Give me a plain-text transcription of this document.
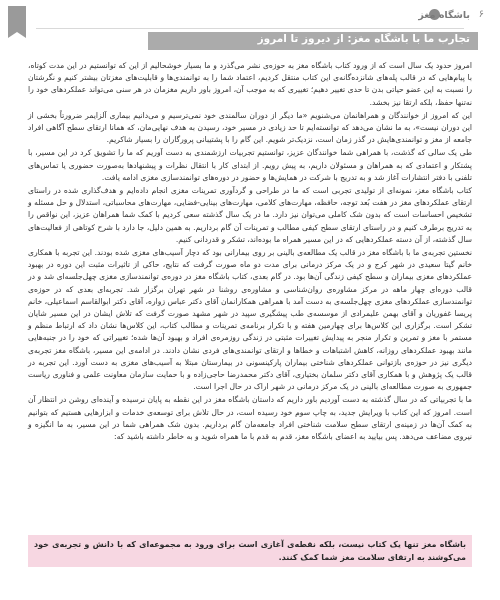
باشگاه مغز ۶
تجارب ما با باشگاه مغز: از دیروز تا امروز

امروز حدود یک سال است که از ورود کتاب باشگاه مغز به حوزه‌ی نشر می‌گذرد و ما بسیار خوشحالیم از این که توانستیم در این مدت کوتاه، با پیام‌هایی که در قالب پله‌های شانزده‌گانه‌ی این کتاب منتقل کردیم، اعتماد شما را به توانمندی‌ها و قابلیت‌های مغزتان بیشتر کنیم و نگرشتان را نسبت به این عضو حیاتی بدن تا حدی تغییر دهیم؛ تغییری که به موجب آن، امروز باور داریم مغزمان در هر سنی می‌تواند عملکردهای خود را نه‌تنها حفظ، بلکه ارتقا نیز بخشد.

این که امروز از خوانندگان و همراهانمان می‌شنویم «ما دیگر از دوران سالمندی خود نمی‌ترسیم و می‌دانیم بیماری آلزایمر ضرورتاً بخشی از این دوران نیست»، به ما نشان می‌دهد که توانسته‌ایم تا حد زیادی در مسیر خود، رسیدن به هدف نهایی‌مان، که همانا ارتقای سطح آگاهی افراد جامعه از مغز و توانمندی‌هایش در گذر زمان است، نزدیک‌تر شویم. این گام را با پشتیبانی پرورگاران را بسیار شاکریم.

طی یک سالی که گذشت، با همراهی شما خوانندگان عزیز، توانستیم تجربیات ارزشمندی به دست آوریم که ما را تشویق کرد در این مسیر، با پشتکار و اعتمادی که به همراهان و مسئولان داریم، به پیش رویم. از ابتدای کار با انتقال نظرات و پیشنهادها به‌صورت حضوری یا تماس‌های تلفنی با دفتر انتشارات آغاز شد و به تدریج با شرکت در همایش‌ها و حضور در دوره‌های توانمندسازی مغزی ادامه یافت.

کتاب باشگاه مغز، نمونه‌ای از تولیدی تجربی است که ما در طراحی و گردآوری تمرینات مغزی انجام داده‌ایم و هدف‌گذاری شده در راستای ارتقای عملکردهای مغز در هفت بُعد توجه، حافظه، مهارت‌های کلامی، مهارت‌های بینایی-فضایی، مهارت‌های محاسباتی، استدلال و حل مسئله و تشخیص احساسات است که بدون شک کاملی می‌توان نیز دارد. ما در یک سال گذشته سعی کردیم با کمک شما همراهان عزیز، این نواقص را به تدریج برطرف کنیم و در راستای ارتقای سطح کیفی مطالب و تمرینات آن گام برداریم. به همین دلیل، جا دارد با شرح کوتاهی از فعالیت‌های سال گذشته، از آن دسته عملکردهایی که در این مسیر همراه ما بوده‌اند، تشکر و قدردانی کنیم.

نخستین تجربه‌ی ما با باشگاه مغز در قالب یک مطالعه‌ی بالینی بر روی بیمارانی بود که دچار آسیب‌های مغزی شده بودند. این تجربه با همکاری خانم گیتا سعیدی در شهر کرج و در یک مرکز درمانی برای مدت دو ماه صورت گرفت که نتایج، حاکی از تاثیرات مثبت این دوره در بهبود عملکردهای مغزی بیماران و سطح کیفی زندگی آن‌ها بود. در گام بعدی، کتاب باشگاه مغز در دوره‌ی توانمندسازی مغزی چهل‌جلسه‌ای شد و در قالب دوره‌ای چهار ماهه در مرکز مشاوره‌ی روان‌شناسی و مشاوره‌ی روشنا در شهر تهران برگزار شد. تجربه‌ای بعدی که در حوزه‌ی توانمندسازی عملکردهای مغزی چهل‌جلسه‌ی به دست آمد با همراهی همکارانمان آقای دکتر عباس زواره، آقای دکتر ابوالقاسم اسماعیلی، خانم پریسا غفوریان و آقای بهمن علیمرادی از موسسه‌ی طب پیشگیری سپید در شهر مشهد صورت گرفت که تلاش ایشان در این مسیر شایان تشکر است. برگزاری این کلاس‌ها برای چهارمین هفته و با تکرار برنامه‌ی تمرینات و مطالب کتاب، این کلاس‌ها نشان داد که ارتباط منظم و مستمر با مغز و تمرین و تکرار منجر به پیدایش تغییرات مثبتی در زندگی روزمره‌ی افراد و بهبود آن‌ها شده؛ تغییراتی که خود را در جنبه‌هایی مانند بهبود عملکردهای روزانه، کاهش اشتباهات و خطاها و ارتقای توانمندی‌های فردی نشان دادند. در ادامه‌ی این مسیر، باشگاه مغز تجربه‌ی دیگری نیز در حوزه‌ی بازتوانی عملکردهای شناختی بیماران پارکینسونی در بیمارستان مبتلا به آسیب‌های مغزی به دست آورد. این تجربه در قالب یک پژوهش و با همکاری آقای دکتر سلمان بختیاری، آقای دکتر محمدرضا حاجی‌زاده و با حمایت سازمان معاونت علمی و فناوری ریاست جمهوری به صورت مطالعه‌ای بالینی در یک مرکز درمانی در شهر اراک در حال اجرا است.

ما با تجربیاتی که در سال گذشته به دست آوردیم باور داریم که داستان باشگاه مغز در این نقطه به پایان نرسیده و آینده‌ای روشن در انتظار آن است. امروز که این کتاب با ویرایش جدید، به چاپ سوم خود رسیده است، در حال تلاش برای توسعه‌ی خدمات و ابزارهایی هستیم که بتوانیم به کمک آن‌ها در زمینه‌ی ارتقای سطح سلامت شناختی افراد جامعه‌مان گام برداریم. بدون شک همراهی شما در این مسیر، به ما انگیزه و نیروی مضاعف می‌دهد. پس بیایید به اعضای باشگاه مغز، قدم به قدم با ما همراه شوید و به خاطر داشته باشید که:

باشگاه مغز تنها یک کتاب نیست، بلکه نقطه‌ی آغازی است برای ورود به مجموعه‌ای که با دانش و تجربه‌ی خود می‌کوشند به ارتقای سلامت مغز شما کمک کنند.
